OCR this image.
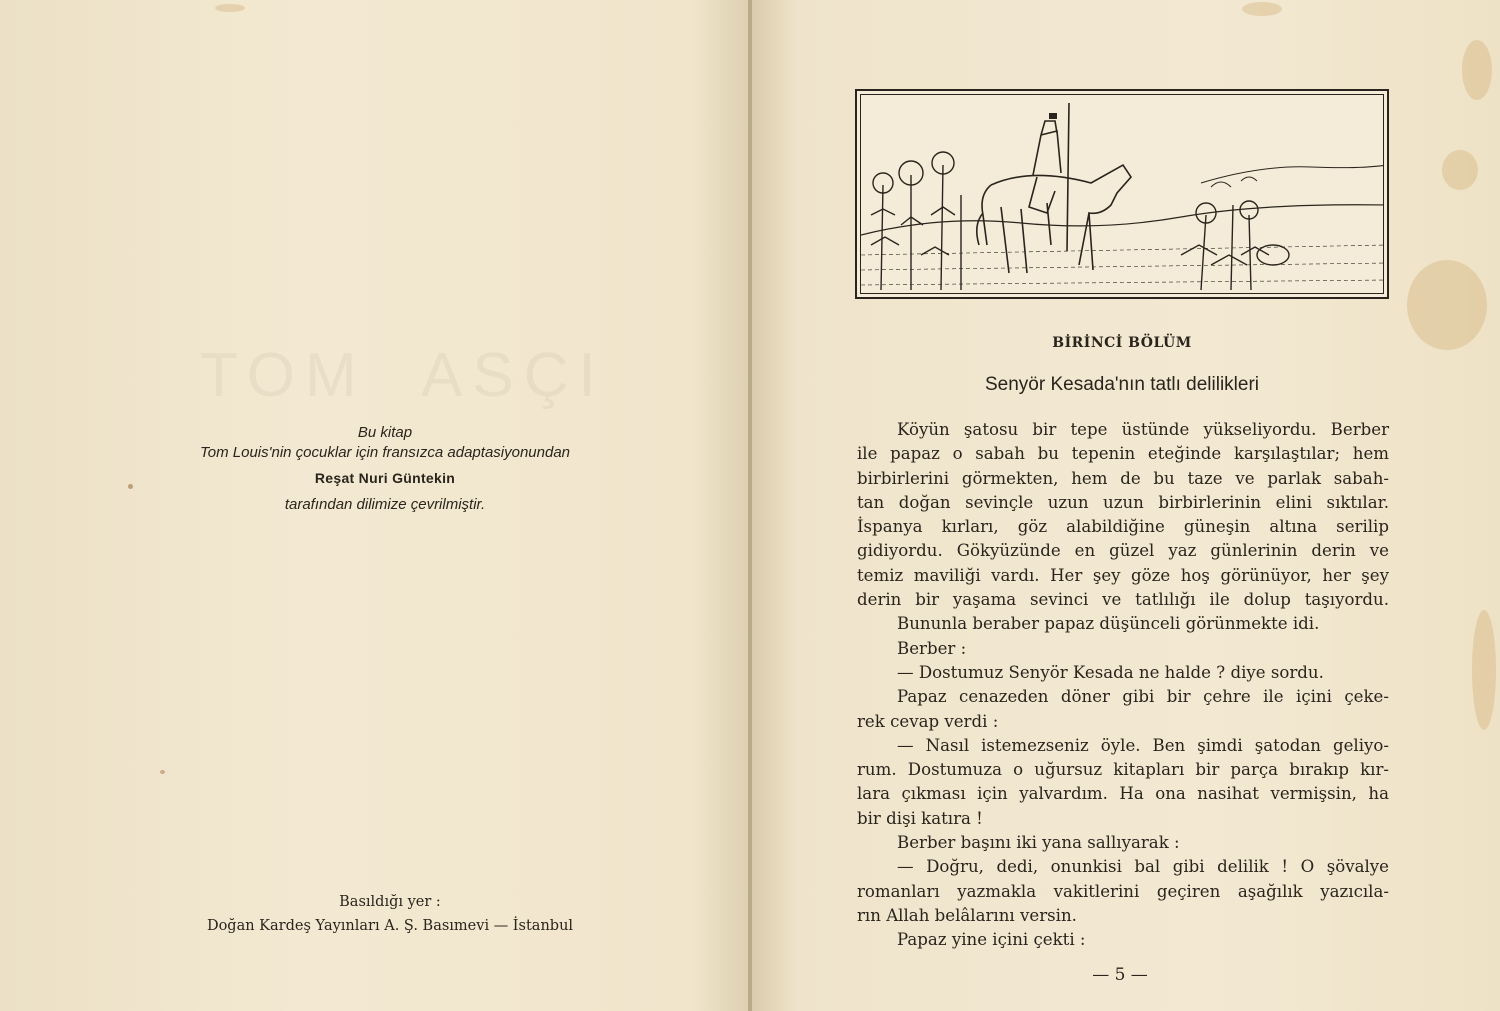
TOM  ASÇI
Bu kitap
Tom Louis'nin çocuklar için fransızca adaptasiyonundan
Reşat Nuri Güntekin
tarafından dilimize çevrilmiştir.
Basıldığı yer :
Doğan Kardeş Yayınları A. Ş. Basımevi — İstanbul
BİRİNCİ BÖLÜM
Senyör Kesada'nın tatlı delilikleri
Köyün şatosu bir tepe üstünde yükseliyordu. Berber
ile papaz o sabah bu tepenin eteğinde karşılaştılar; hem
birbirlerini görmekten, hem de bu taze ve parlak sabah-
tan doğan sevinçle uzun uzun birbirlerinin elini sıktılar.
İspanya kırları, göz alabildiğine güneşin altına serilip
gidiyordu. Gökyüzünde en güzel yaz günlerinin derin ve
temiz maviliği vardı. Her şey göze hoş görünüyor, her şey
derin bir yaşama sevinci ve tatlılığı ile dolup taşıyordu.
Bununla beraber papaz düşünceli görünmekte idi.
Berber :
— Dostumuz Senyör Kesada ne halde ? diye sordu.
Papaz cenazeden döner gibi bir çehre ile içini çeke-
rek cevap verdi :
— Nasıl istemezseniz öyle. Ben şimdi şatodan geliyo-
rum. Dostumuza o uğursuz kitapları bir parça bırakıp kır-
lara çıkması için yalvardım. Ha ona nasihat vermişsin, ha
bir dişi katıra !
Berber başını iki yana sallıyarak :
— Doğru, dedi, onunkisi bal gibi delilik ! O şövalye
romanları yazmakla vakitlerini geçiren aşağılık yazıcıla-
rın Allah belâlarını versin.
Papaz yine içini çekti :
— 5 —
